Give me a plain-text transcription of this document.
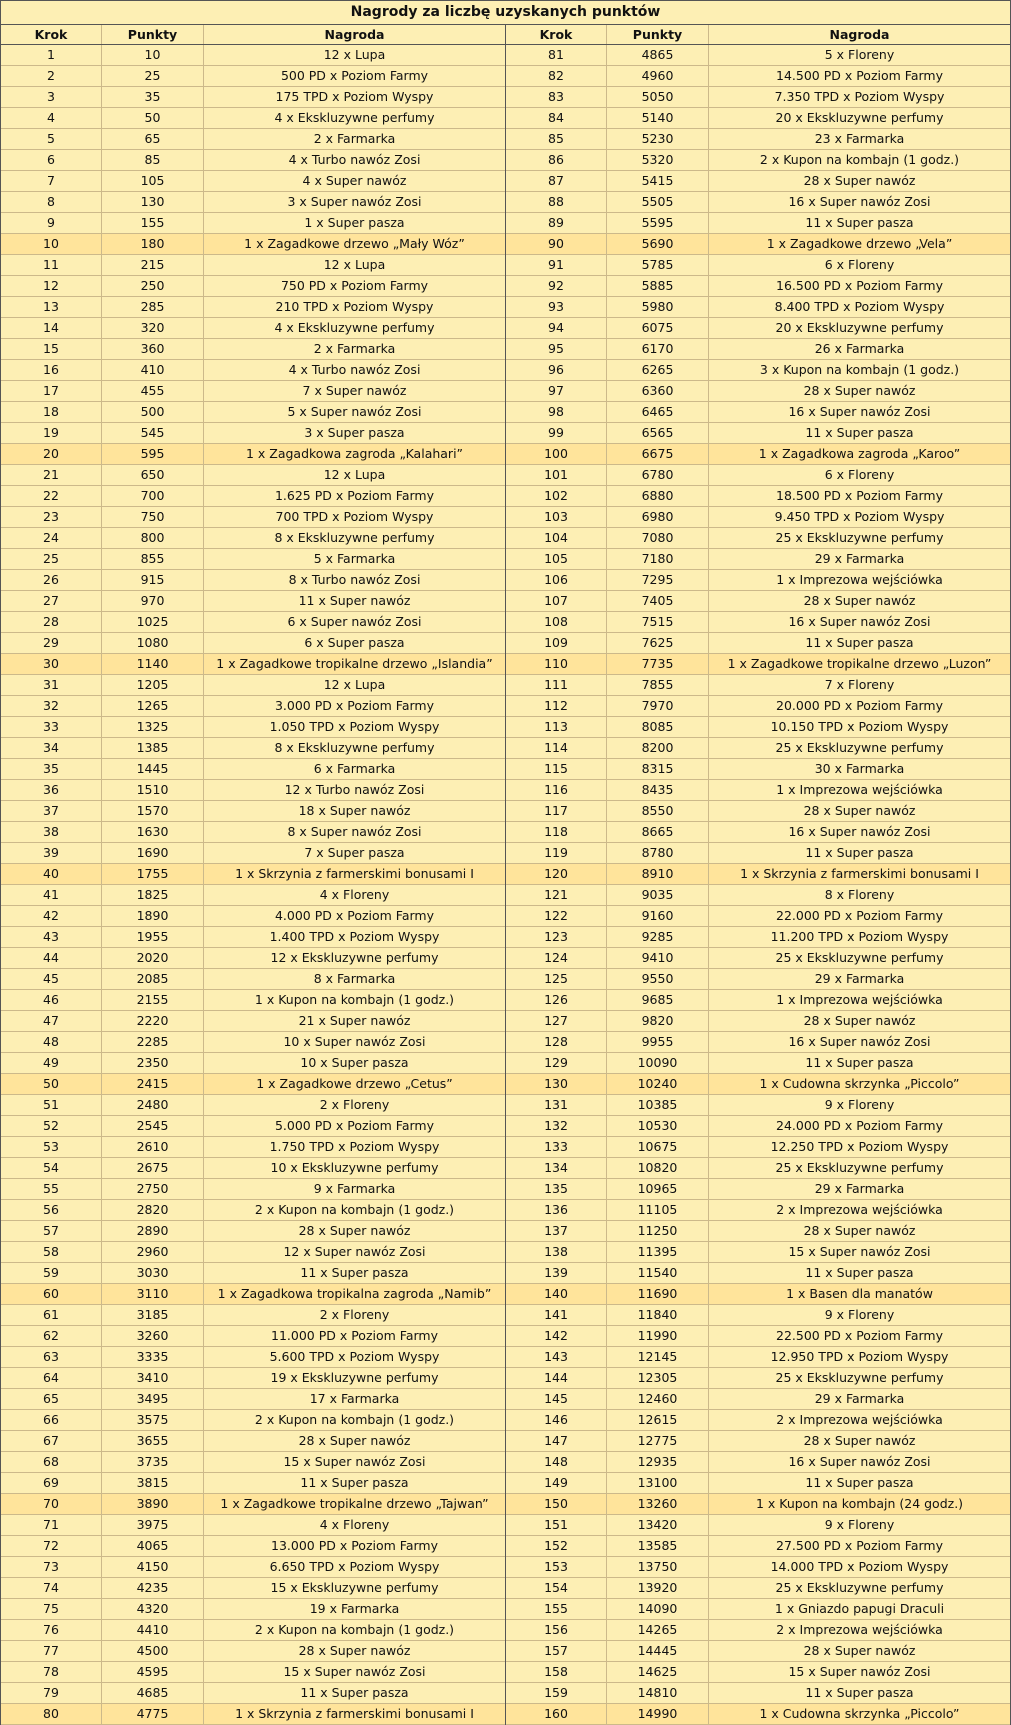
Nagrody za liczbę uzyskanych punktów
Krok	Punkty	Nagroda
1	10	12 x Lupa
2	25	500 PD x Poziom Farmy
3	35	175 TPD x Poziom Wyspy
4	50	4 x Ekskluzywne perfumy
5	65	2 x Farmarka
6	85	4 x Turbo nawóz Zosi
7	105	4 x Super nawóz
8	130	3 x Super nawóz Zosi
9	155	1 x Super pasza
10	180	1 x Zagadkowe drzewo „Mały Wóz”
11	215	12 x Lupa
12	250	750 PD x Poziom Farmy
13	285	210 TPD x Poziom Wyspy
14	320	4 x Ekskluzywne perfumy
15	360	2 x Farmarka
16	410	4 x Turbo nawóz Zosi
17	455	7 x Super nawóz
18	500	5 x Super nawóz Zosi
19	545	3 x Super pasza
20	595	1 x Zagadkowa zagroda „Kalahari”
21	650	12 x Lupa
22	700	1.625 PD x Poziom Farmy
23	750	700 TPD x Poziom Wyspy
24	800	8 x Ekskluzywne perfumy
25	855	5 x Farmarka
26	915	8 x Turbo nawóz Zosi
27	970	11 x Super nawóz
28	1025	6 x Super nawóz Zosi
29	1080	6 x Super pasza
30	1140	1 x Zagadkowe tropikalne drzewo „Islandia”
31	1205	12 x Lupa
32	1265	3.000 PD x Poziom Farmy
33	1325	1.050 TPD x Poziom Wyspy
34	1385	8 x Ekskluzywne perfumy
35	1445	6 x Farmarka
36	1510	12 x Turbo nawóz Zosi
37	1570	18 x Super nawóz
38	1630	8 x Super nawóz Zosi
39	1690	7 x Super pasza
40	1755	1 x Skrzynia z farmerskimi bonusami I
41	1825	4 x Floreny
42	1890	4.000 PD x Poziom Farmy
43	1955	1.400 TPD x Poziom Wyspy
44	2020	12 x Ekskluzywne perfumy
45	2085	8 x Farmarka
46	2155	1 x Kupon na kombajn (1 godz.)
47	2220	21 x Super nawóz
48	2285	10 x Super nawóz Zosi
49	2350	10 x Super pasza
50	2415	1 x Zagadkowe drzewo „Cetus”
51	2480	2 x Floreny
52	2545	5.000 PD x Poziom Farmy
53	2610	1.750 TPD x Poziom Wyspy
54	2675	10 x Ekskluzywne perfumy
55	2750	9 x Farmarka
56	2820	2 x Kupon na kombajn (1 godz.)
57	2890	28 x Super nawóz
58	2960	12 x Super nawóz Zosi
59	3030	11 x Super pasza
60	3110	1 x Zagadkowa tropikalna zagroda „Namib”
61	3185	2 x Floreny
62	3260	11.000 PD x Poziom Farmy
63	3335	5.600 TPD x Poziom Wyspy
64	3410	19 x Ekskluzywne perfumy
65	3495	17 x Farmarka
66	3575	2 x Kupon na kombajn (1 godz.)
67	3655	28 x Super nawóz
68	3735	15 x Super nawóz Zosi
69	3815	11 x Super pasza
70	3890	1 x Zagadkowe tropikalne drzewo „Tajwan”
71	3975	4 x Floreny
72	4065	13.000 PD x Poziom Farmy
73	4150	6.650 TPD x Poziom Wyspy
74	4235	15 x Ekskluzywne perfumy
75	4320	19 x Farmarka
76	4410	2 x Kupon na kombajn (1 godz.)
77	4500	28 x Super nawóz
78	4595	15 x Super nawóz Zosi
79	4685	11 x Super pasza
80	4775	1 x Skrzynia z farmerskimi bonusami I
Krok	Punkty	Nagroda
81	4865	5 x Floreny
82	4960	14.500 PD x Poziom Farmy
83	5050	7.350 TPD x Poziom Wyspy
84	5140	20 x Ekskluzywne perfumy
85	5230	23 x Farmarka
86	5320	2 x Kupon na kombajn (1 godz.)
87	5415	28 x Super nawóz
88	5505	16 x Super nawóz Zosi
89	5595	11 x Super pasza
90	5690	1 x Zagadkowe drzewo „Vela”
91	5785	6 x Floreny
92	5885	16.500 PD x Poziom Farmy
93	5980	8.400 TPD x Poziom Wyspy
94	6075	20 x Ekskluzywne perfumy
95	6170	26 x Farmarka
96	6265	3 x Kupon na kombajn (1 godz.)
97	6360	28 x Super nawóz
98	6465	16 x Super nawóz Zosi
99	6565	11 x Super pasza
100	6675	1 x Zagadkowa zagroda „Karoo”
101	6780	6 x Floreny
102	6880	18.500 PD x Poziom Farmy
103	6980	9.450 TPD x Poziom Wyspy
104	7080	25 x Ekskluzywne perfumy
105	7180	29 x Farmarka
106	7295	1 x Imprezowa wejściówka
107	7405	28 x Super nawóz
108	7515	16 x Super nawóz Zosi
109	7625	11 x Super pasza
110	7735	1 x Zagadkowe tropikalne drzewo „Luzon”
111	7855	7 x Floreny
112	7970	20.000 PD x Poziom Farmy
113	8085	10.150 TPD x Poziom Wyspy
114	8200	25 x Ekskluzywne perfumy
115	8315	30 x Farmarka
116	8435	1 x Imprezowa wejściówka
117	8550	28 x Super nawóz
118	8665	16 x Super nawóz Zosi
119	8780	11 x Super pasza
120	8910	1 x Skrzynia z farmerskimi bonusami I
121	9035	8 x Floreny
122	9160	22.000 PD x Poziom Farmy
123	9285	11.200 TPD x Poziom Wyspy
124	9410	25 x Ekskluzywne perfumy
125	9550	29 x Farmarka
126	9685	1 x Imprezowa wejściówka
127	9820	28 x Super nawóz
128	9955	16 x Super nawóz Zosi
129	10090	11 x Super pasza
130	10240	1 x Cudowna skrzynka „Piccolo”
131	10385	9 x Floreny
132	10530	24.000 PD x Poziom Farmy
133	10675	12.250 TPD x Poziom Wyspy
134	10820	25 x Ekskluzywne perfumy
135	10965	29 x Farmarka
136	11105	2 x Imprezowa wejściówka
137	11250	28 x Super nawóz
138	11395	15 x Super nawóz Zosi
139	11540	11 x Super pasza
140	11690	1 x Basen dla manatów
141	11840	9 x Floreny
142	11990	22.500 PD x Poziom Farmy
143	12145	12.950 TPD x Poziom Wyspy
144	12305	25 x Ekskluzywne perfumy
145	12460	29 x Farmarka
146	12615	2 x Imprezowa wejściówka
147	12775	28 x Super nawóz
148	12935	16 x Super nawóz Zosi
149	13100	11 x Super pasza
150	13260	1 x Kupon na kombajn (24 godz.)
151	13420	9 x Floreny
152	13585	27.500 PD x Poziom Farmy
153	13750	14.000 TPD x Poziom Wyspy
154	13920	25 x Ekskluzywne perfumy
155	14090	1 x Gniazdo papugi Draculi
156	14265	2 x Imprezowa wejściówka
157	14445	28 x Super nawóz
158	14625	15 x Super nawóz Zosi
159	14810	11 x Super pasza
160	14990	1 x Cudowna skrzynka „Piccolo”
